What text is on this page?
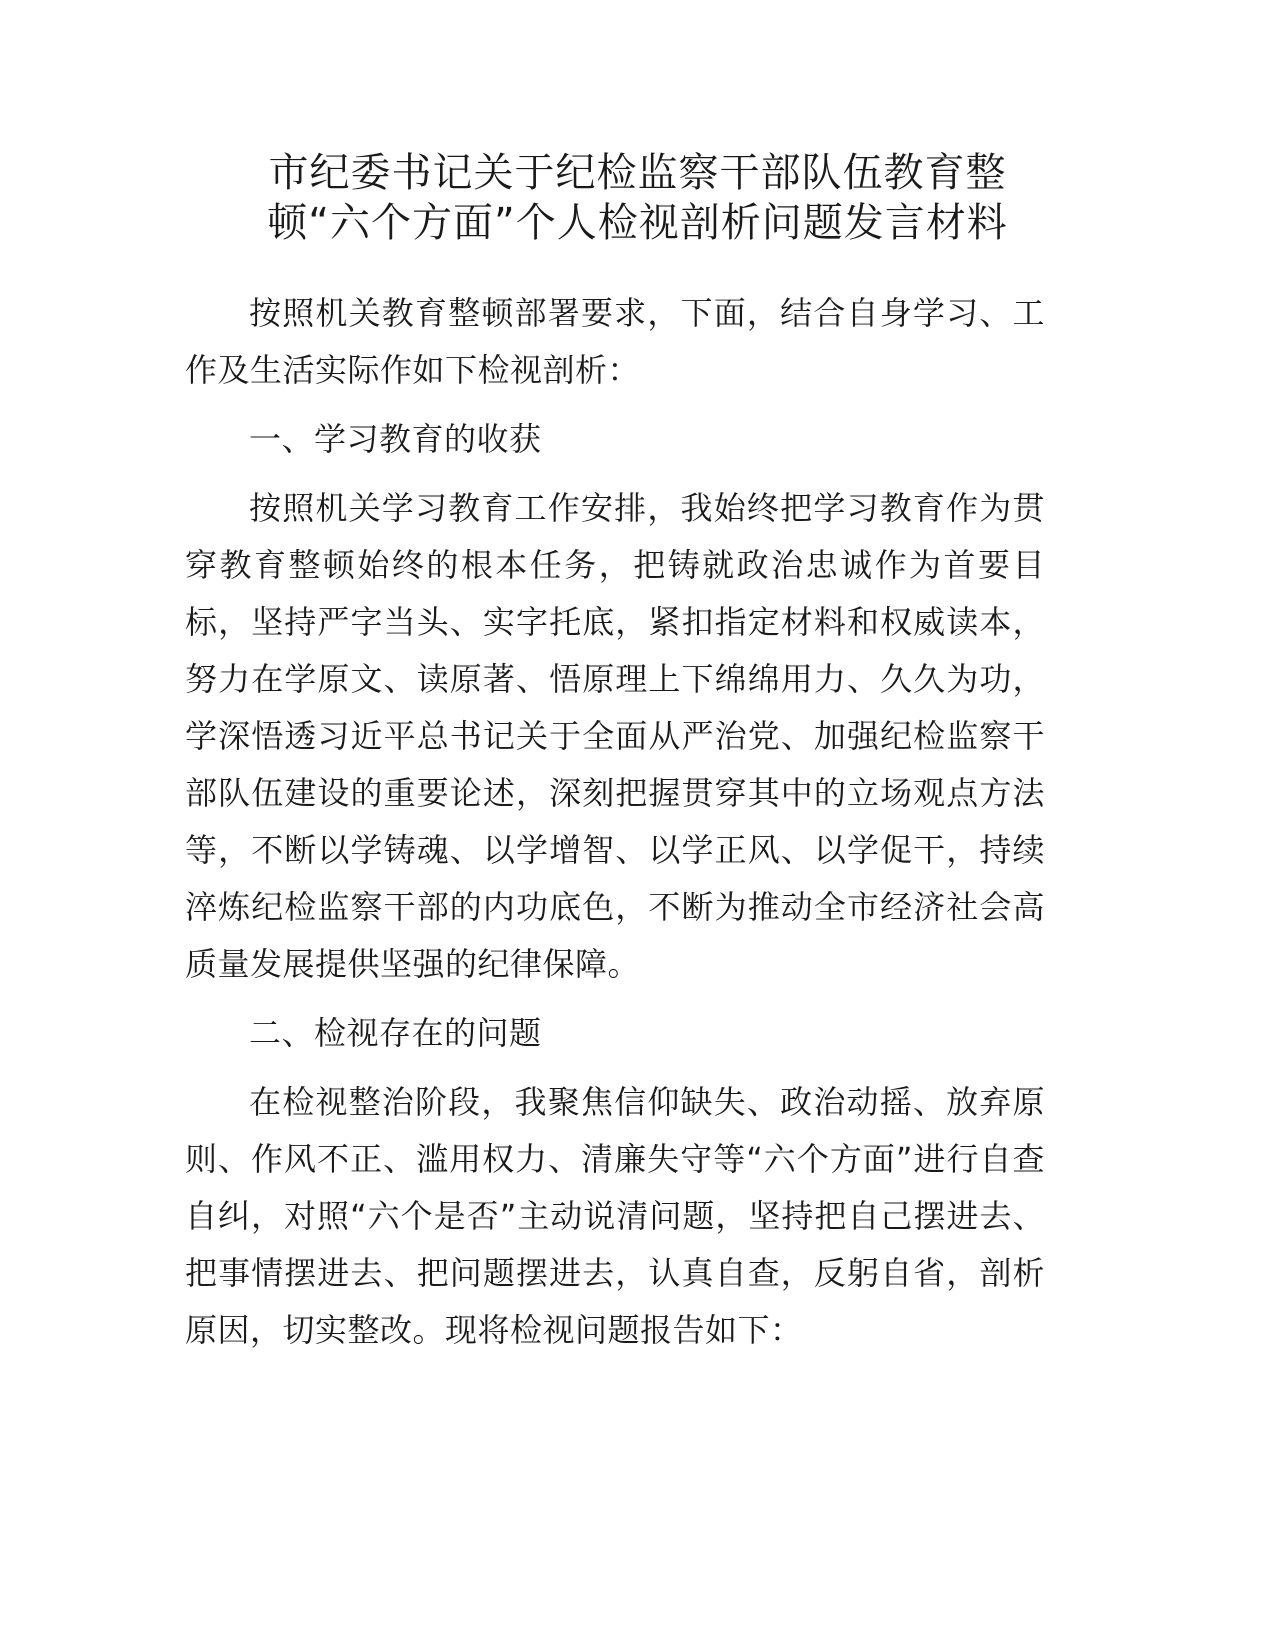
市纪委书记关于纪检监察干部队伍教育整
顿“六个方面”个人检视剖析问题发言材料

按照机关教育整顿部署要求，下面，结合自身学习、工作及生活实际作如下检视剖析：

一、学习教育的收获

按照机关学习教育工作安排，我始终把学习教育作为贯穿教育整顿始终的根本任务，把铸就政治忠诚作为首要目标，坚持严字当头、实字托底，紧扣指定材料和权威读本，努力在学原文、读原著、悟原理上下绵绵用力、久久为功，学深悟透习近平总书记关于全面从严治党、加强纪检监察干部队伍建设的重要论述，深刻把握贯穿其中的立场观点方法等，不断以学铸魂、以学增智、以学正风、以学促干，持续淬炼纪检监察干部的内功底色，不断为推动全市经济社会高质量发展提供坚强的纪律保障。

二、检视存在的问题

在检视整治阶段，我聚焦信仰缺失、政治动摇、放弃原则、作风不正、滥用权力、清廉失守等“六个方面”进行自查自纠，对照“六个是否”主动说清问题，坚持把自己摆进去、把事情摆进去、把问题摆进去，认真自查，反躬自省，剖析原因，切实整改。现将检视问题报告如下：
